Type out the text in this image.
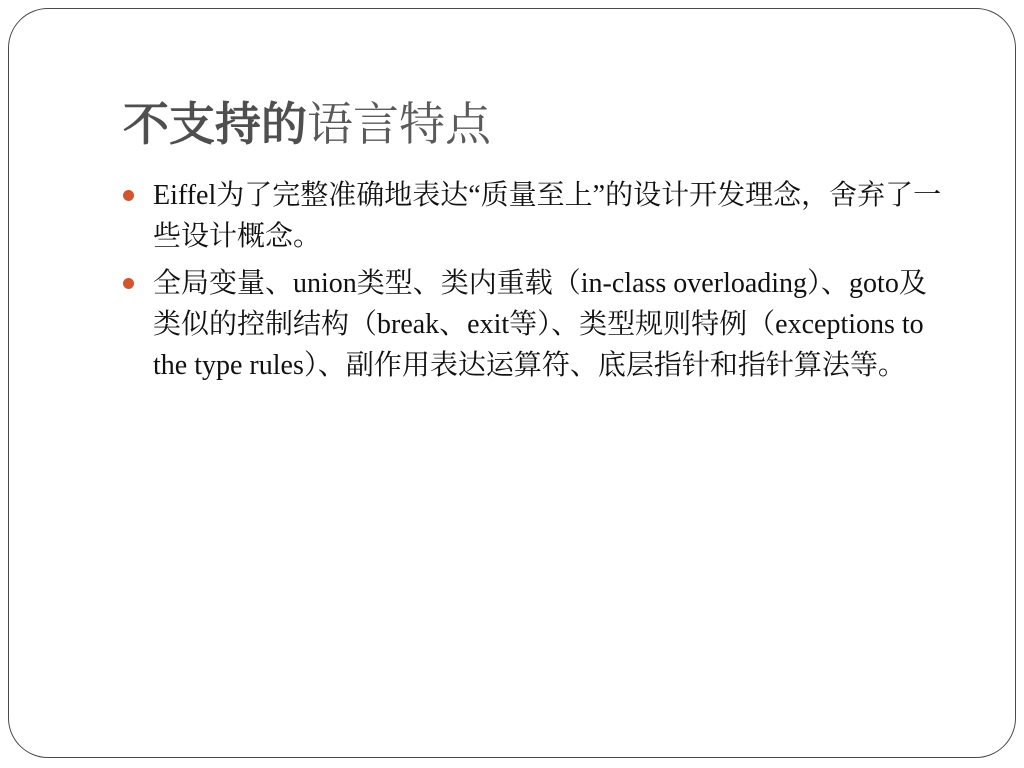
不支持的语言特点
Eiffel为了完整准确地表达“质量至上”的设计开发理念，舍弃了一些设计概念。
全局变量、union类型、类内重载（in-class overloading）、goto及类似的控制结构（break、exit等）、类型规则特例（exceptions to the type rules）、副作用表达运算符、底层指针和指针算法等。
